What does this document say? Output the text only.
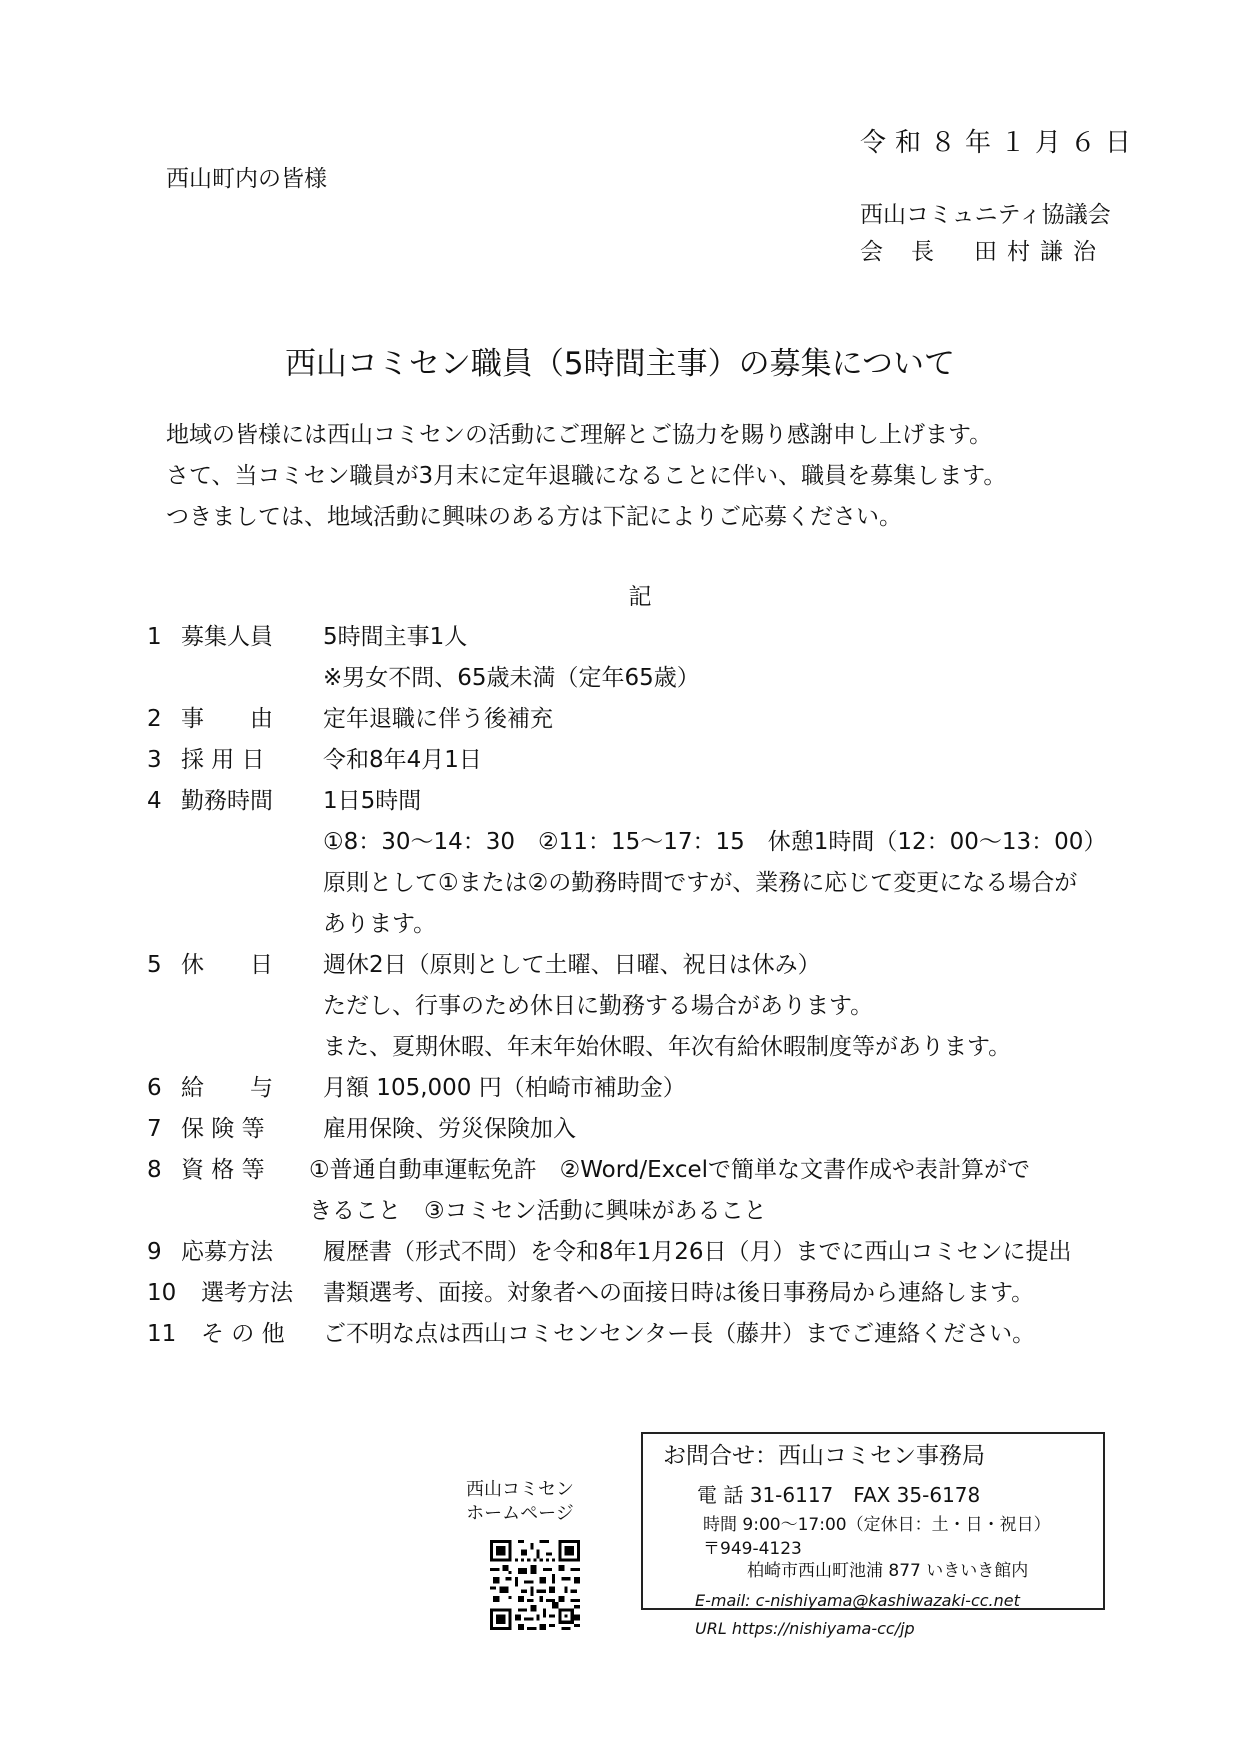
令和８年１月６日
西山町内の皆様
西山コミュニティ協議会
会長 田村謙治
西山コミセン職員（5時間主事）の募集について
地域の皆様には西山コミセンの活動にご理解とご協力を賜り感謝申し上げます。
さて、当コミセン職員が3月末に定年退職になることに伴い、職員を募集します。
つきましては、地域活動に興味のある方は下記によりご応募ください。
記
1 募集人員	5時間主事1人
※男女不問、65歳未満（定年65歳）
2 事　　由	定年退職に伴う後補充
3 採 用 日	令和8年4月1日
4 勤務時間	1日5時間
①8：30～14：30　②11：15～17：15　休憩1時間（12：00～13：00）
原則として①または②の勤務時間ですが、業務に応じて変更になる場合が
あります。
5 休　　日	週休2日（原則として土曜、日曜、祝日は休み）
ただし、行事のため休日に勤務する場合があります。
また、夏期休暇、年末年始休暇、年次有給休暇制度等があります。
6 給　　与	月額 105,000 円（柏崎市補助金）
7 保 険 等	雇用保険、労災保険加入
8 資 格 等	①普通自動車運転免許　②Word/Excelで簡単な文書作成や表計算がで
きること　③コミセン活動に興味があること
9 応募方法	履歴書（形式不問）を令和8年1月26日（月）までに西山コミセンに提出
10 選考方法	書類選考、面接。対象者への面接日時は後日事務局から連絡します。
11 そ の 他	ご不明な点は西山コミセンセンター長（藤井）までご連絡ください。
西山コミセン
ホームページ
お問合せ：西山コミセン事務局
電 話 31-6117　FAX 35-6178
時間 9:00～17:00（定休日：土・日・祝日）
〒949-4123
柏崎市西山町池浦 877 いきいき館内
E-mail: c-nishiyama@kashiwazaki-cc.net
URL https://nishiyama-cc/jp
